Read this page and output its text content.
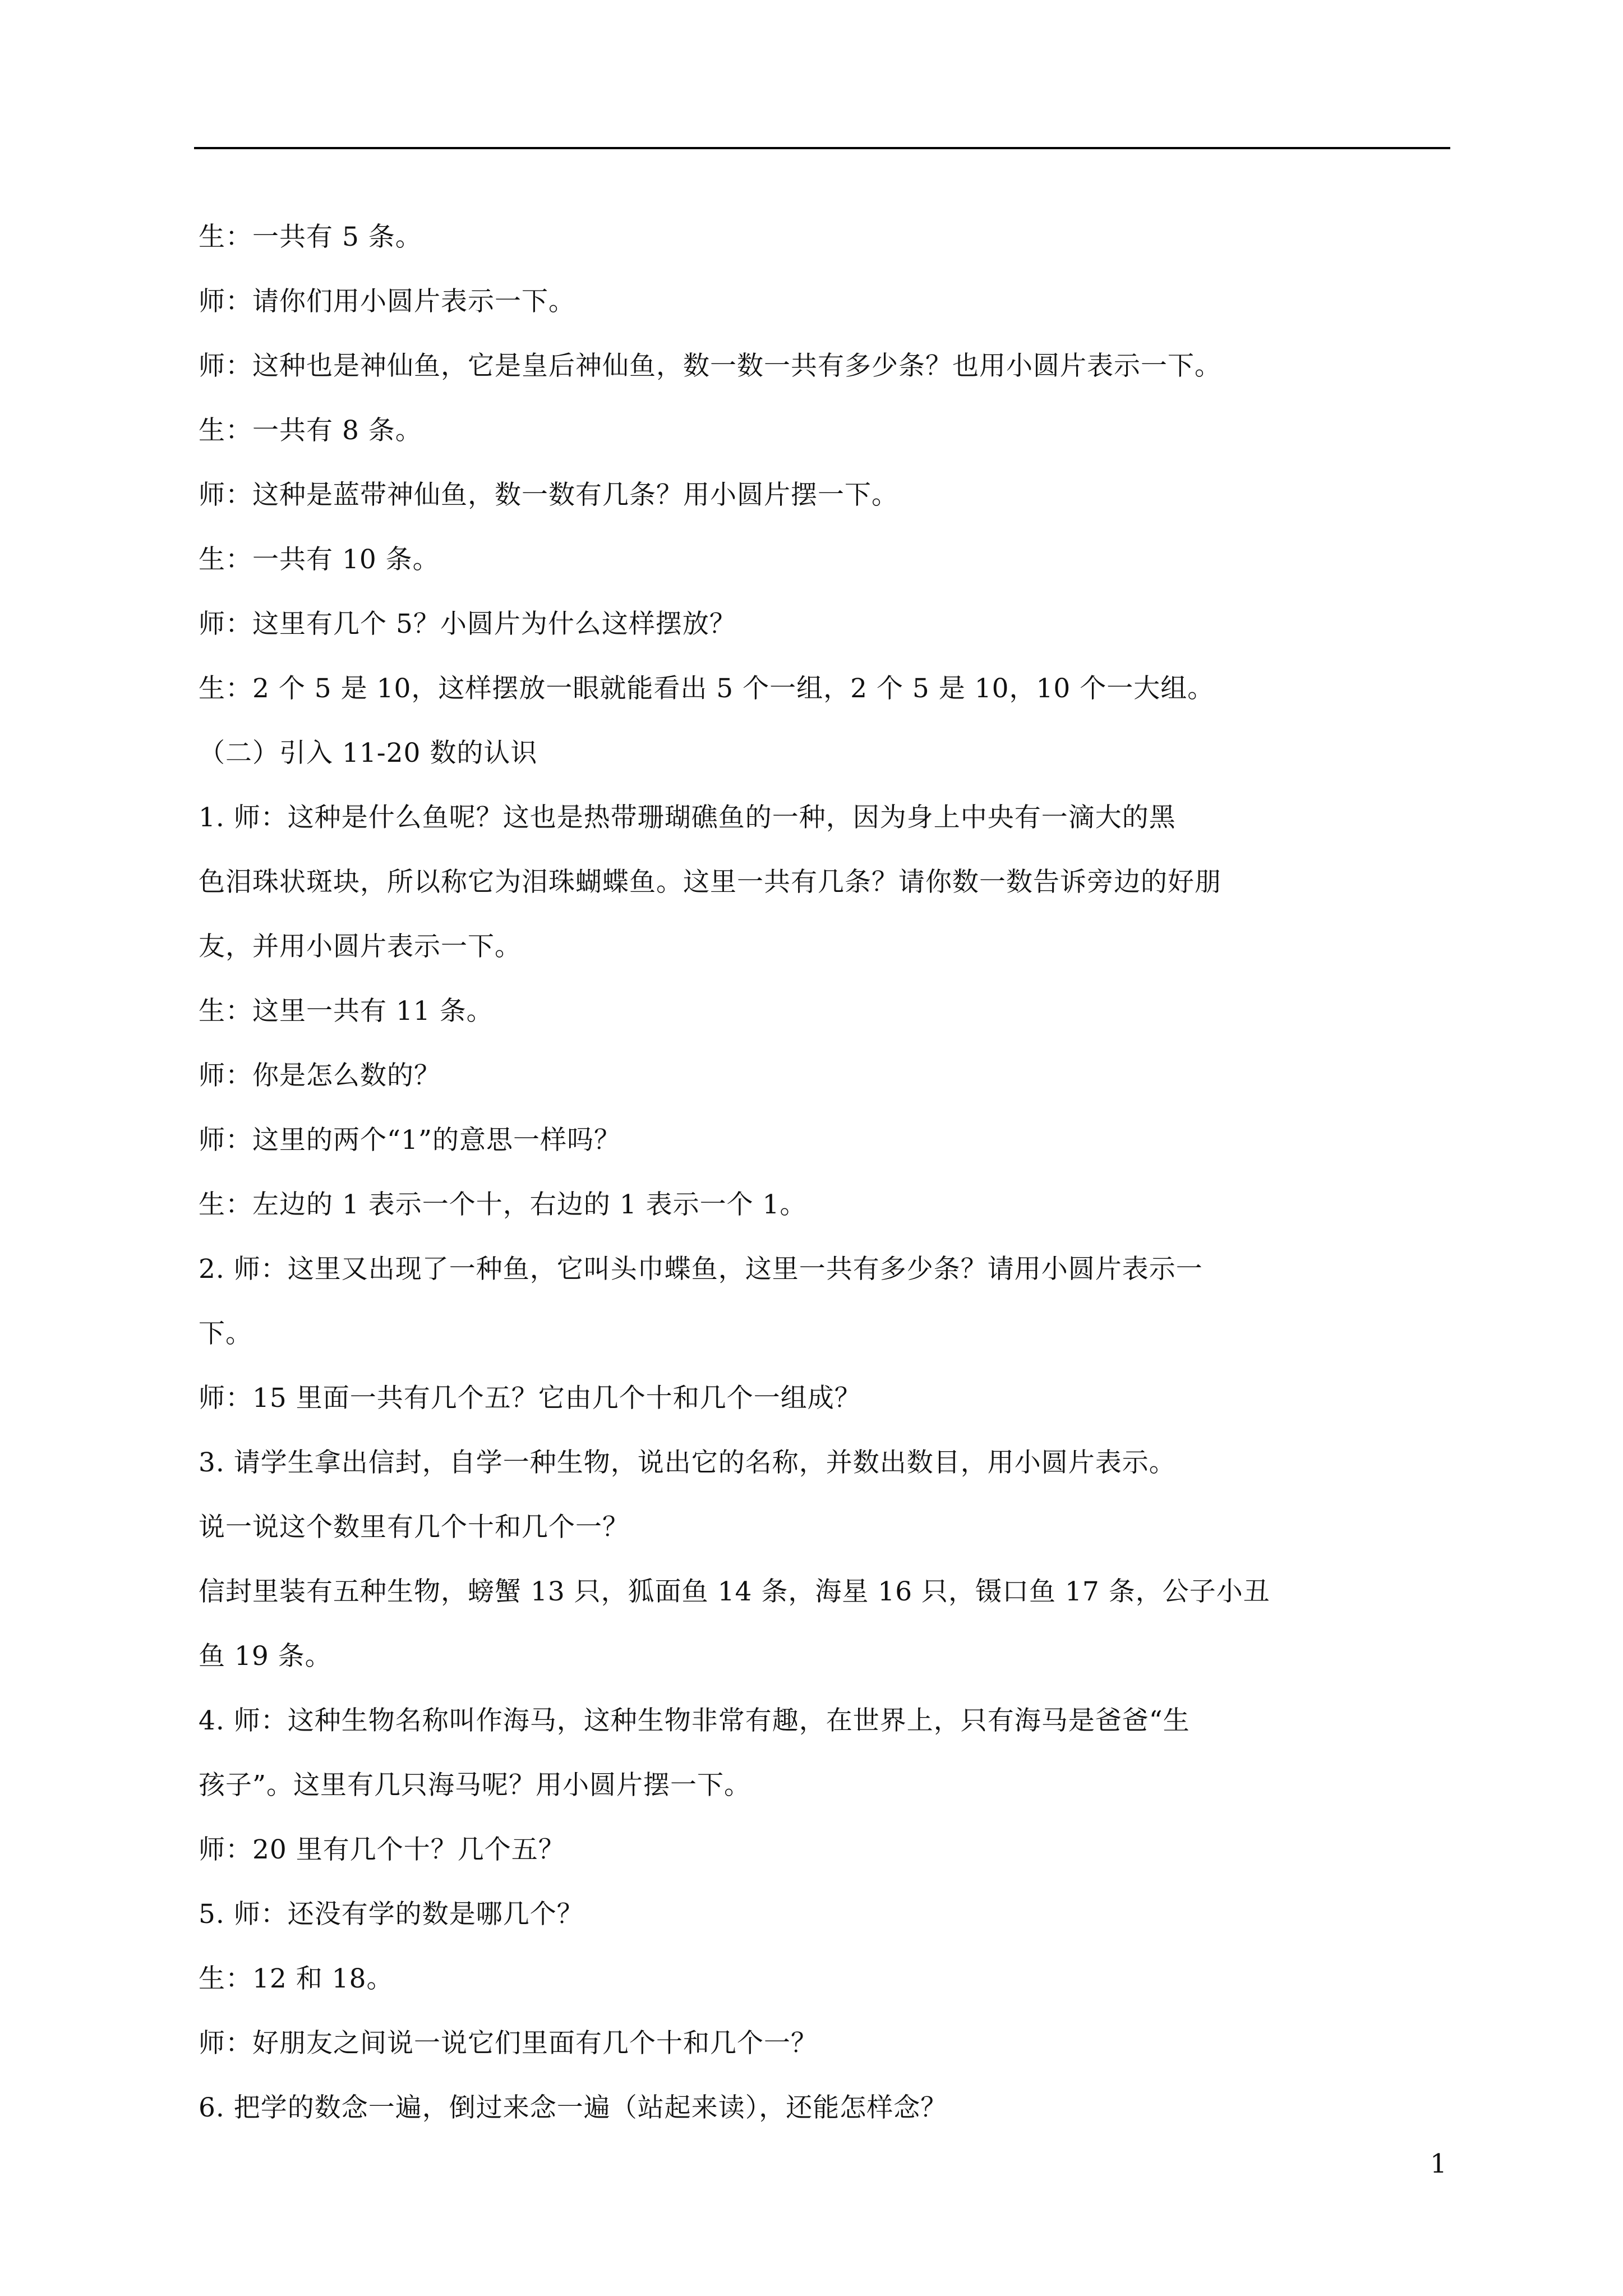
生：一共有 5 条。
师：请你们用小圆片表示一下。
师：这种也是神仙鱼，它是皇后神仙鱼，数一数一共有多少条？也用小圆片表示一下。
生：一共有 8 条。
师：这种是蓝带神仙鱼，数一数有几条？用小圆片摆一下。
生：一共有 10 条。
师：这里有几个 5？小圆片为什么这样摆放？
生：2 个 5 是 10，这样摆放一眼就能看出 5 个一组，2 个 5 是 10，10 个一大组。
（二）引入 11-20 数的认识
1. 师：这种是什么鱼呢？这也是热带珊瑚礁鱼的一种，因为身上中央有一滴大的黑
色泪珠状斑块，所以称它为泪珠蝴蝶鱼。这里一共有几条？请你数一数告诉旁边的好朋
友，并用小圆片表示一下。
生：这里一共有 11 条。
师：你是怎么数的？
师：这里的两个“1”的意思一样吗？
生：左边的 1 表示一个十，右边的 1 表示一个 1。
2. 师：这里又出现了一种鱼，它叫头巾蝶鱼，这里一共有多少条？请用小圆片表示一
下。
师：15 里面一共有几个五？它由几个十和几个一组成？
3. 请学生拿出信封，自学一种生物，说出它的名称，并数出数目，用小圆片表示。
说一说这个数里有几个十和几个一？
信封里装有五种生物，螃蟹 13 只，狐面鱼 14 条，海星 16 只，镊口鱼 17 条，公子小丑
鱼 19 条。
4. 师：这种生物名称叫作海马，这种生物非常有趣，在世界上，只有海马是爸爸“生
孩子”。这里有几只海马呢？用小圆片摆一下。
师：20 里有几个十？几个五？
5. 师：还没有学的数是哪几个？
生：12 和 18。
师：好朋友之间说一说它们里面有几个十和几个一？
6. 把学的数念一遍，倒过来念一遍（站起来读），还能怎样念？
1
